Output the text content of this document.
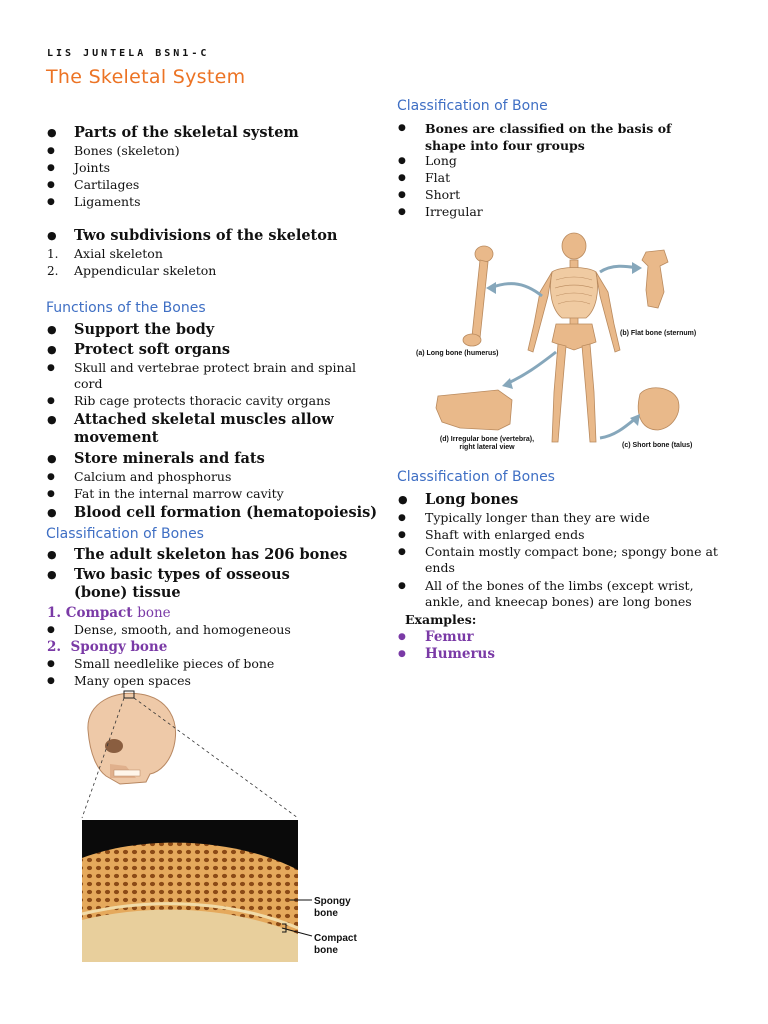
LIS JUNTELA BSN1-C
The Skeletal System
●	Parts of the skeletal system
●	Bones (skeleton)
●	Joints
●	Cartilages
●	Ligaments
●	Two subdivisions of the skeleton
1.	Axial skeleton
2.	Appendicular skeleton
Functions of the Bones
●	Support the body
●	Protect soft organs
●	Skull and vertebrae protect brain and spinal cord
●	Rib cage protects thoracic cavity organs
●	Attached skeletal muscles allow movement
●	Store minerals and fats
●	Calcium and phosphorus
●	Fat in the internal marrow cavity
●	Blood cell formation (hematopoiesis)
Classification of Bones
●	The adult skeleton has 206 bones
●	Two basic types of osseous (bone) tissue
1. Compact bone
●	Dense, smooth, and homogeneous
2. Spongy bone
●	Small needlelike pieces of bone
●	Many open spaces
Spongy bone
Compact bone
Classification of Bone
●	Bones are classified on the basis of shape into four groups
●	Long
●	Flat
●	Short
●	Irregular
(a) Long bone (humerus)
(b) Flat bone (sternum)
(d) Irregular bone (vertebra), right lateral view	(c) Short bone (talus)
Classification of Bones
●	Long bones
●	Typically longer than they are wide
●	Shaft with enlarged ends
●	Contain mostly compact bone; spongy bone at ends
●	All of the bones of the limbs (except wrist, ankle, and kneecap bones) are long bones
Examples:
●	Femur
●	Humerus
